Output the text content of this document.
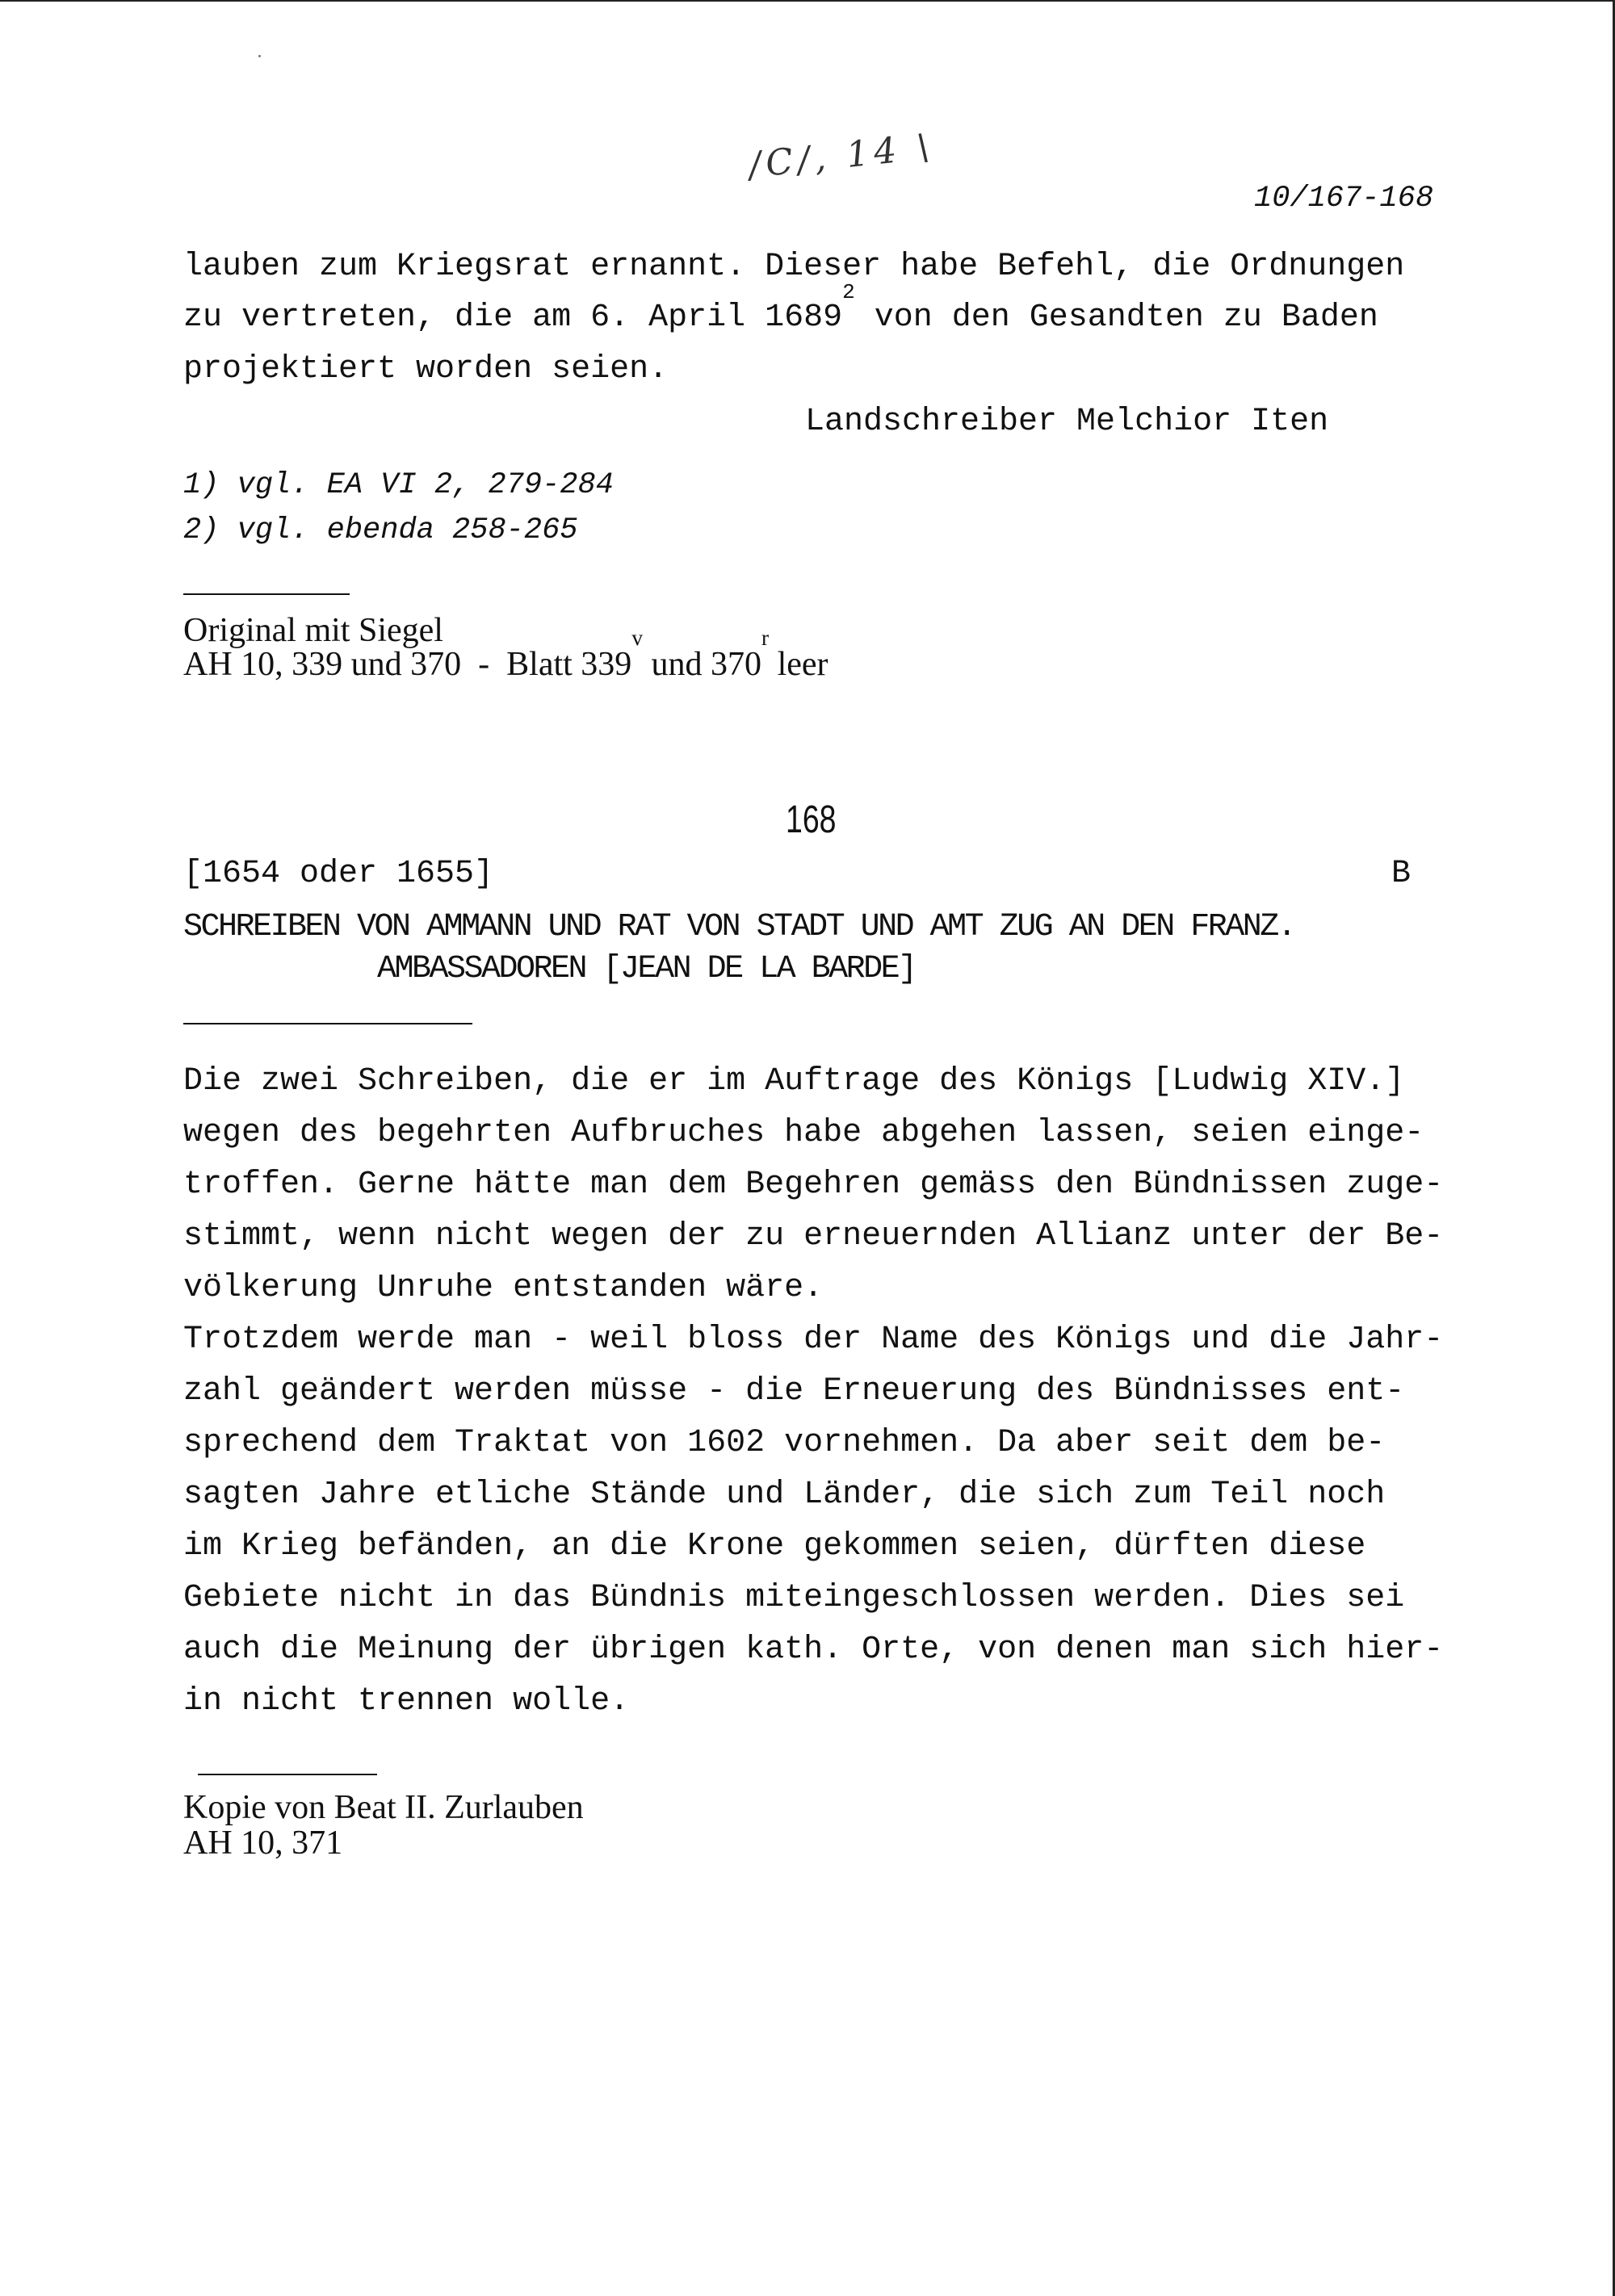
/C/, 14 \
10/167-168
lauben zum Kriegsrat ernannt. Dieser habe Befehl, die Ordnungen
zu vertreten, die am 6. April 1689$^2$ von den Gesandten zu Baden
projektiert worden seien.
Landschreiber Melchior Iten
1) vgl. EA VI 2, 279-284
2) vgl. ebenda 258-265
Original mit Siegel
AH 10, 339 und 370  -  Blatt 339$^v$ und 370$^r$ leer
168
[1654 oder 1655]	B
SCHREIBEN VON AMMANN UND RAT VON STADT UND AMT ZUG AN DEN FRANZ.
AMBASSADOREN [JEAN DE LA BARDE]
Die zwei Schreiben, die er im Auftrage des Königs [Ludwig XIV.]
wegen des begehrten Aufbruches habe abgehen lassen, seien einge-
troffen. Gerne hätte man dem Begehren gemäss den Bündnissen zuge-
stimmt, wenn nicht wegen der zu erneuernden Allianz unter der Be-
völkerung Unruhe entstanden wäre.
Trotzdem werde man - weil bloss der Name des Königs und die Jahr-
zahl geändert werden müsse - die Erneuerung des Bündnisses ent-
sprechend dem Traktat von 1602 vornehmen. Da aber seit dem be-
sagten Jahre etliche Stände und Länder, die sich zum Teil noch
im Krieg befänden, an die Krone gekommen seien, dürften diese
Gebiete nicht in das Bündnis miteingeschlossen werden. Dies sei
auch die Meinung der übrigen kath. Orte, von denen man sich hier-
in nicht trennen wolle.
Kopie von Beat II. Zurlauben
AH 10, 371
